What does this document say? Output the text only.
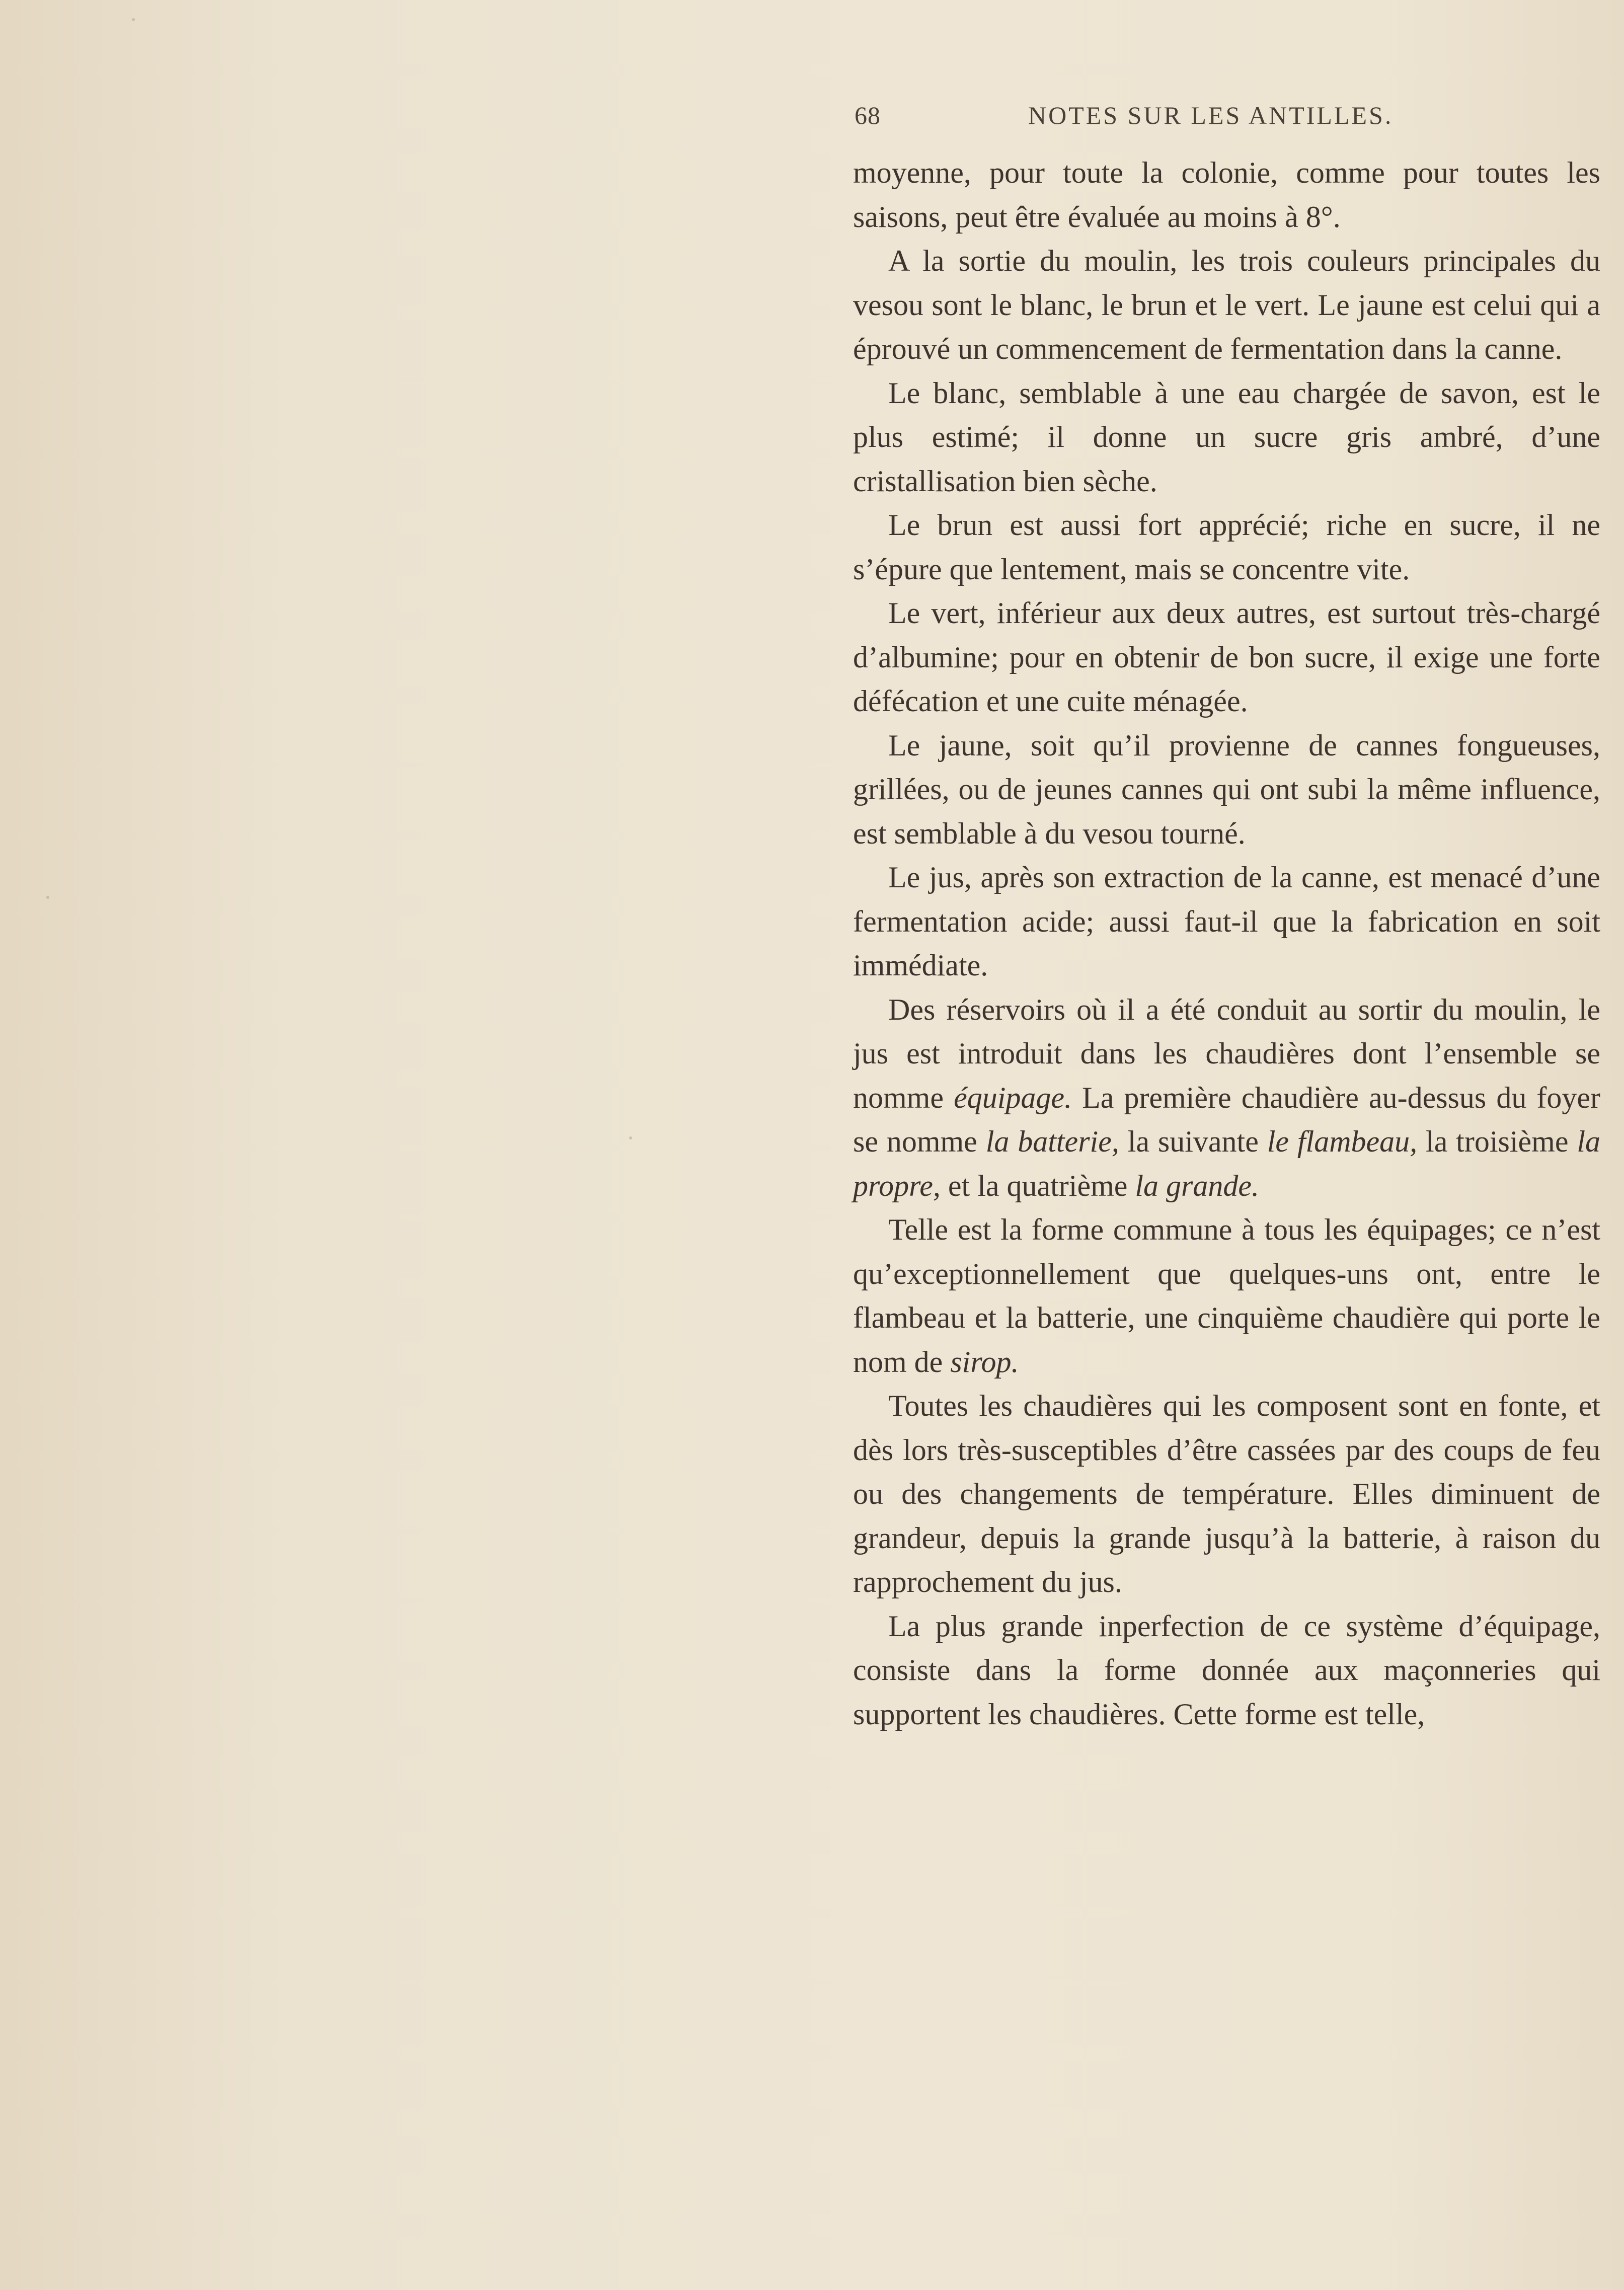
68	NOTES SUR LES ANTILLES.

moyenne, pour toute la colonie, comme pour toutes les saisons, peut être évaluée au moins à 8°.

A la sortie du moulin, les trois couleurs principales du vesou sont le blanc, le brun et le vert. Le jaune est celui qui a éprouvé un commencement de fermentation dans la canne.

Le blanc, semblable à une eau chargée de savon, est le plus estimé; il donne un sucre gris ambré, d’une cristallisation bien sèche.

Le brun est aussi fort apprécié; riche en sucre, il ne s’épure que lentement, mais se concentre vite.

Le vert, inférieur aux deux autres, est surtout très-chargé d’albumine; pour en obtenir de bon sucre, il exige une forte défécation et une cuite ménagée.

Le jaune, soit qu’il provienne de cannes fongueuses, grillées, ou de jeunes cannes qui ont subi la même influence, est semblable à du vesou tourné.

Le jus, après son extraction de la canne, est menacé d’une fermentation acide; aussi faut-il que la fabrication en soit immédiate.

Des réservoirs où il a été conduit au sortir du moulin, le jus est introduit dans les chaudières dont l’ensemble se nomme équipage. La première chaudière au-dessus du foyer se nomme la batterie, la suivante le flambeau, la troisième la propre, et la quatrième la grande.

Telle est la forme commune à tous les équipages; ce n’est qu’exceptionnellement que quelques-uns ont, entre le flambeau et la batterie, une cinquième chaudière qui porte le nom de sirop.

Toutes les chaudières qui les composent sont en fonte, et dès lors très-susceptibles d’être cassées par des coups de feu ou des changements de température. Elles diminuent de grandeur, depuis la grande jusqu’à la batterie, à raison du rapprochement du jus.

La plus grande inperfection de ce système d’équipage, consiste dans la forme donnée aux maçonneries qui supportent les chaudières. Cette forme est telle,
